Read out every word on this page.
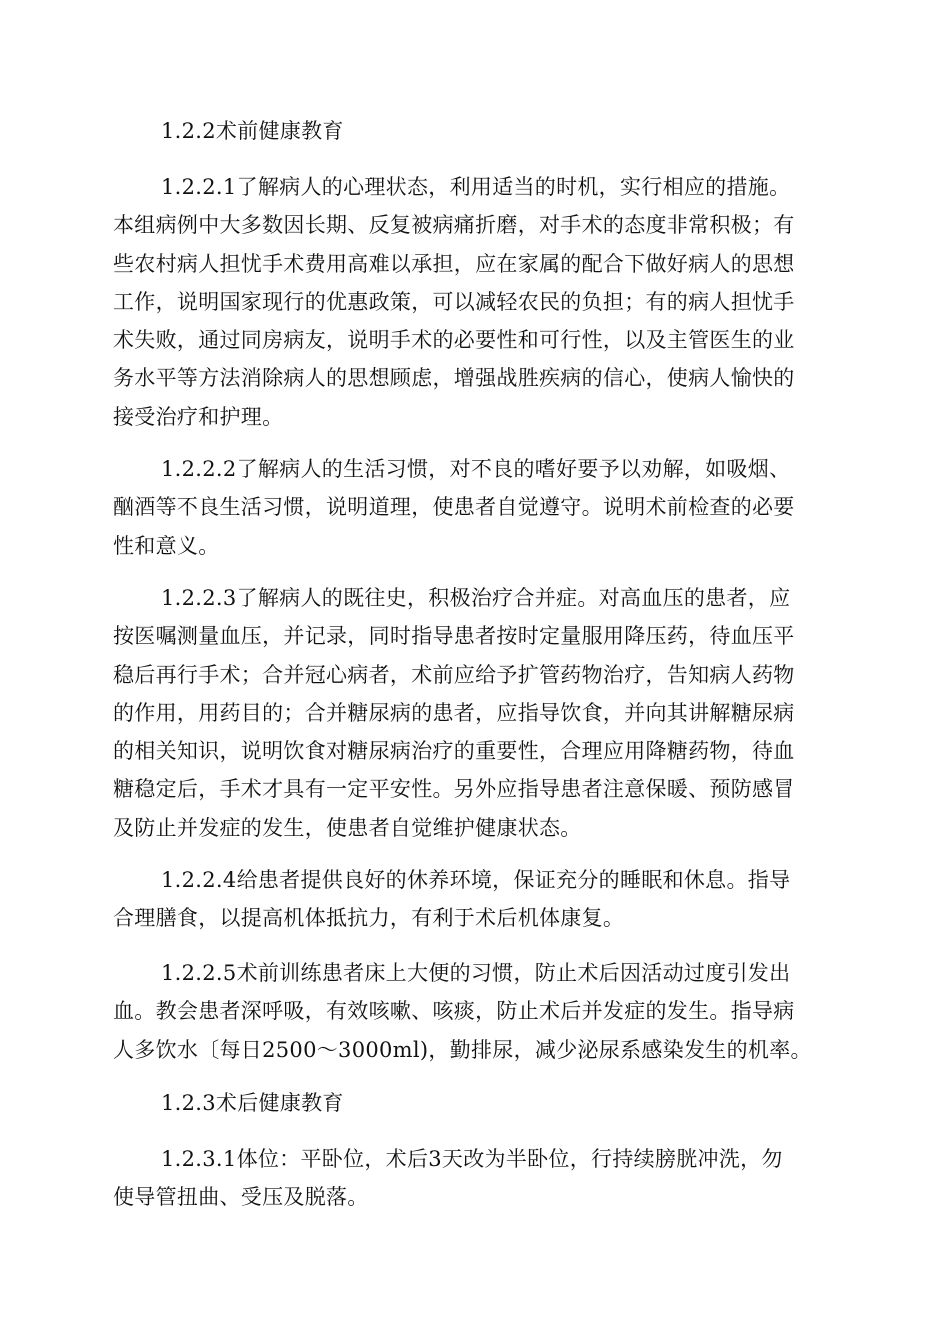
1.2.2术前健康教育
1.2.2.1了解病人的心理状态，利用适当的时机，实行相应的措施。
本组病例中大多数因长期、反复被病痛折磨，对手术的态度非常积极；有
些农村病人担忧手术费用高难以承担，应在家属的配合下做好病人的思想
工作，说明国家现行的优惠政策，可以减轻农民的负担；有的病人担忧手
术失败，通过同房病友，说明手术的必要性和可行性，以及主管医生的业
务水平等方法消除病人的思想顾虑，增强战胜疾病的信心，使病人愉快的
接受治疗和护理。
1.2.2.2了解病人的生活习惯，对不良的嗜好要予以劝解，如吸烟、
酗酒等不良生活习惯，说明道理，使患者自觉遵守。说明术前检查的必要
性和意义。
1.2.2.3了解病人的既往史，积极治疗合并症。对高血压的患者，应
按医嘱测量血压，并记录，同时指导患者按时定量服用降压药，待血压平
稳后再行手术；合并冠心病者，术前应给予扩管药物治疗，告知病人药物
的作用，用药目的；合并糖尿病的患者，应指导饮食，并向其讲解糖尿病
的相关知识，说明饮食对糖尿病治疗的重要性，合理应用降糖药物，待血
糖稳定后，手术才具有一定平安性。另外应指导患者注意保暖、预防感冒
及防止并发症的发生，使患者自觉维护健康状态。
1.2.2.4给患者提供良好的休养环境，保证充分的睡眠和休息。指导
合理膳食，以提高机体抵抗力，有利于术后机体康复。
1.2.2.5术前训练患者床上大便的习惯，防止术后因活动过度引发出
血。教会患者深呼吸，有效咳嗽、咳痰，防止术后并发症的发生。指导病
人多饮水〔每日2500～3000ml)，勤排尿，减少泌尿系感染发生的机率。
1.2.3术后健康教育
1.2.3.1体位：平卧位，术后3天改为半卧位，行持续膀胱冲洗，勿
使导管扭曲、受压及脱落。
